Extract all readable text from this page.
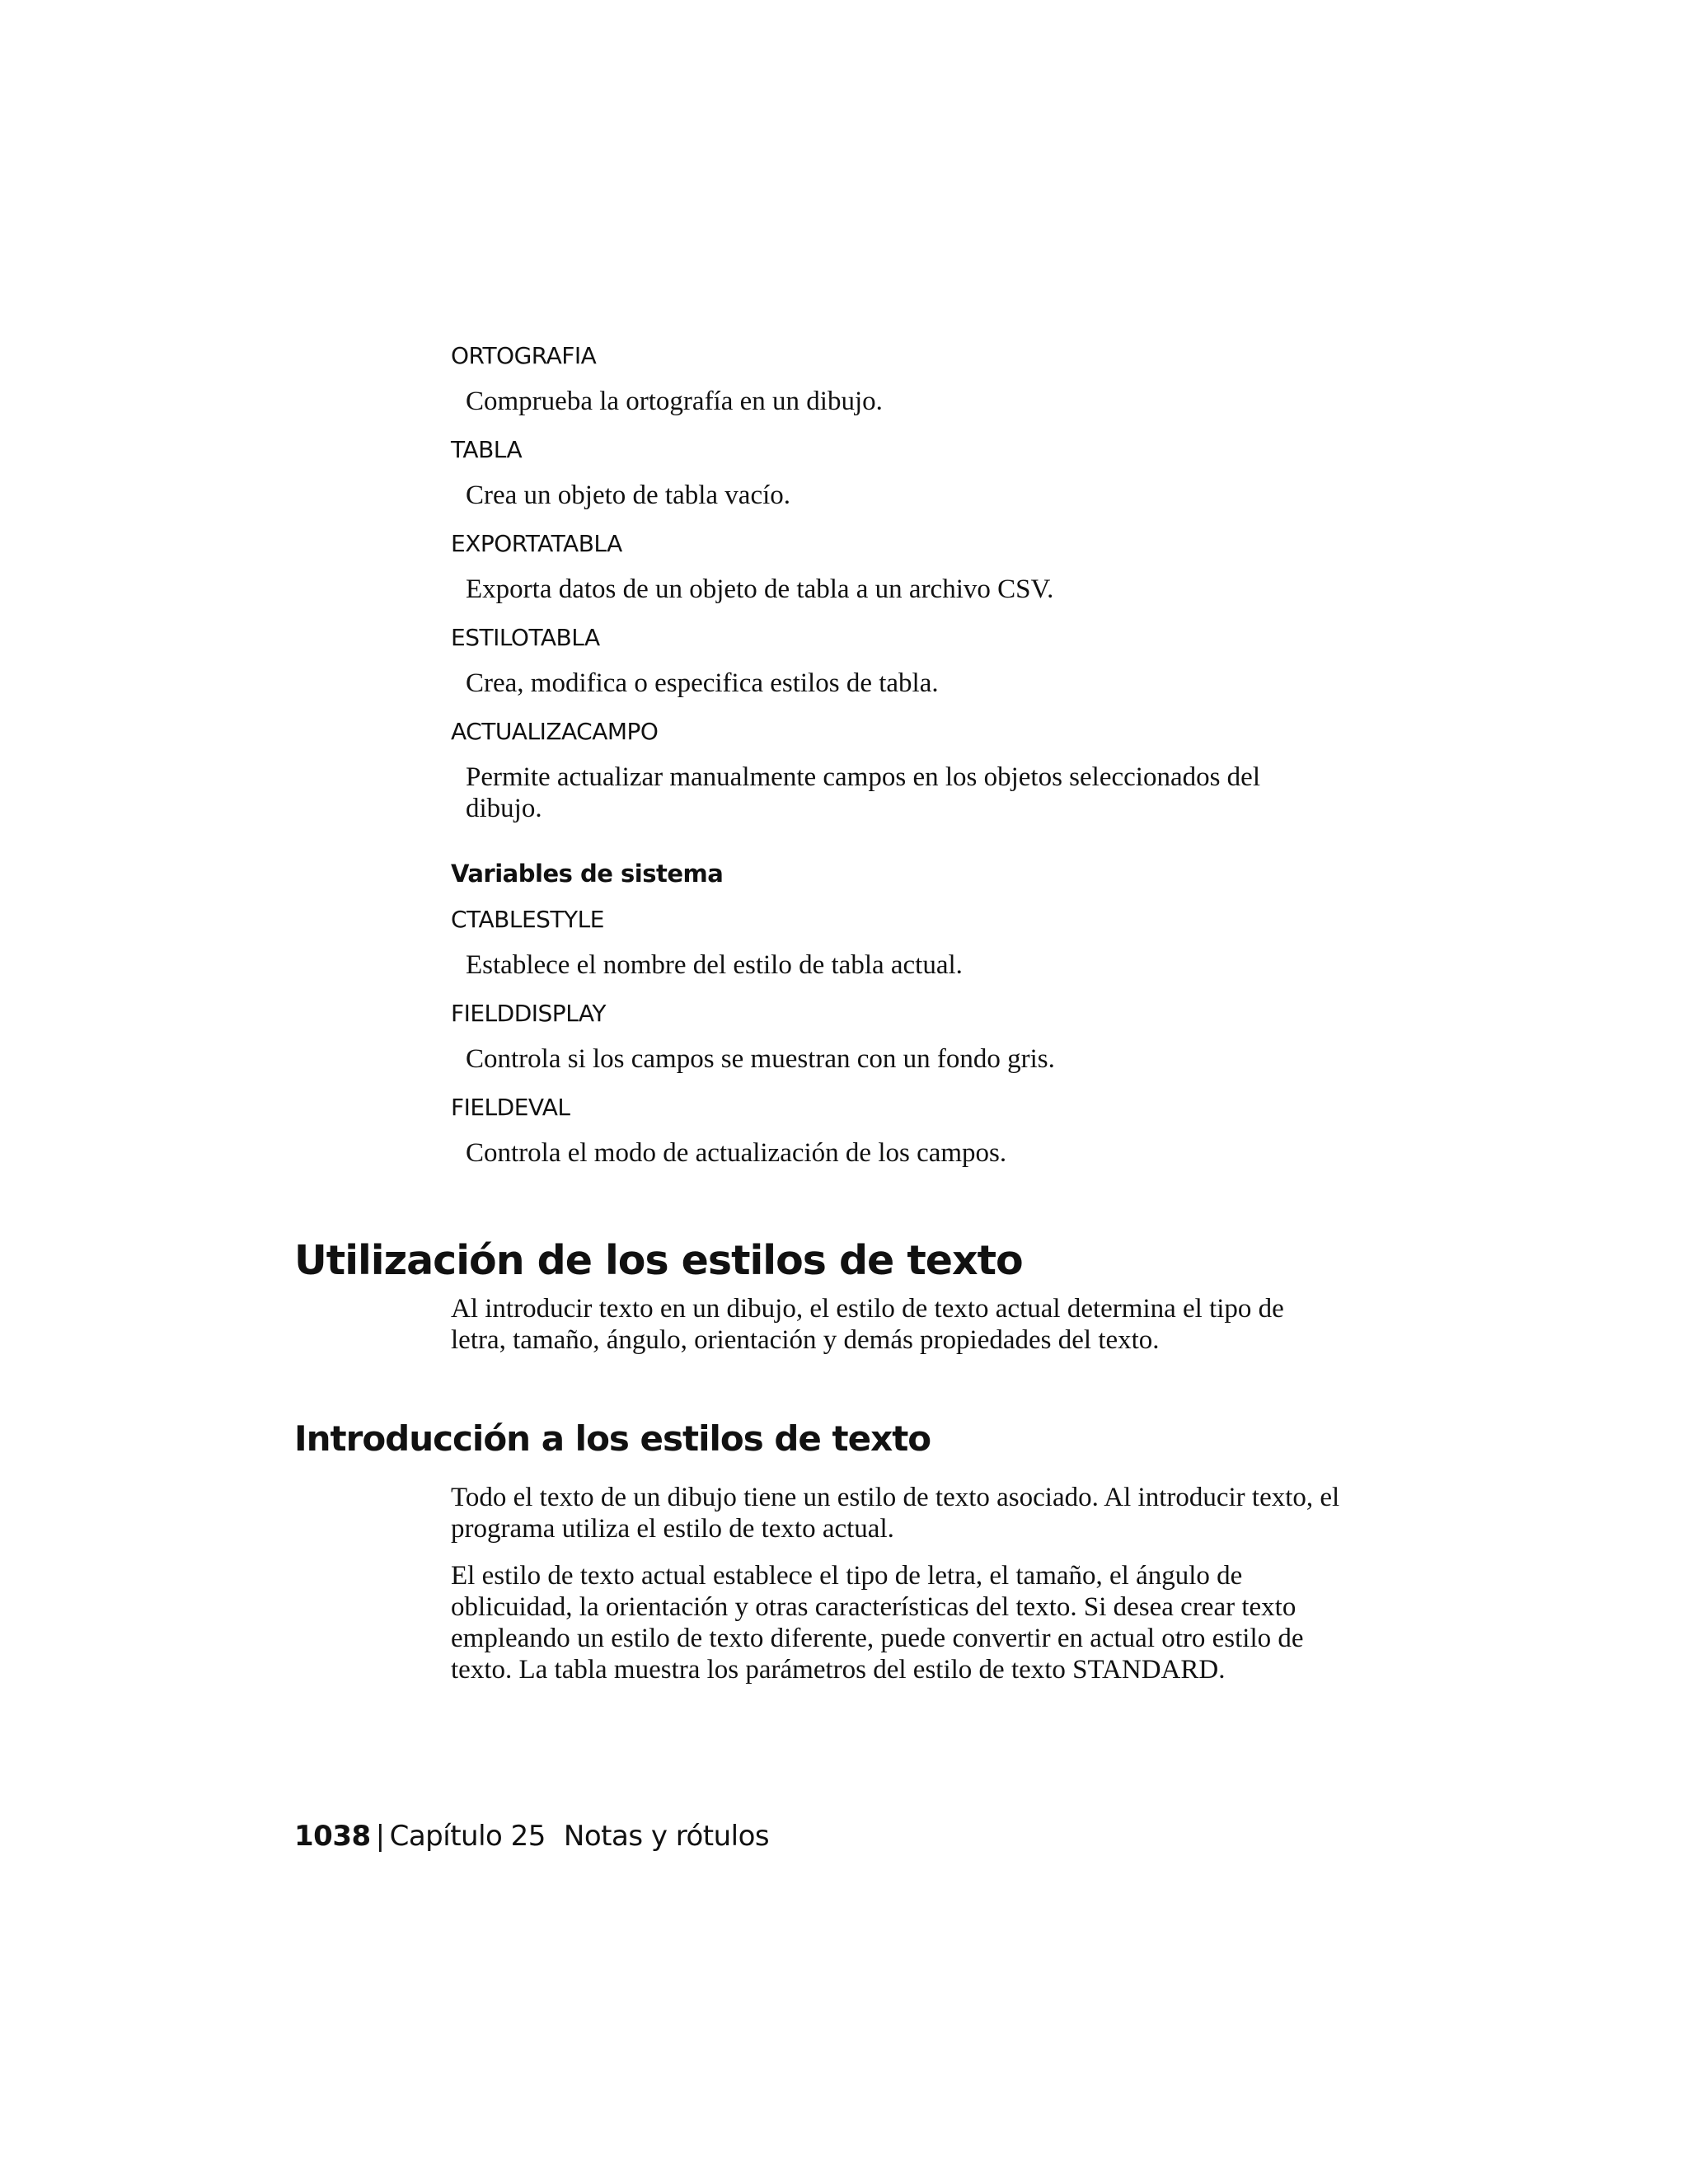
ORTOGRAFIA
Comprueba la ortografía en un dibujo.
TABLA
Crea un objeto de tabla vacío.
EXPORTATABLA
Exporta datos de un objeto de tabla a un archivo CSV.
ESTILOTABLA
Crea, modifica o especifica estilos de tabla.
ACTUALIZACAMPO
Permite actualizar manualmente campos en los objetos seleccionados del dibujo.
Variables de sistema
CTABLESTYLE
Establece el nombre del estilo de tabla actual.
FIELDDISPLAY
Controla si los campos se muestran con un fondo gris.
FIELDEVAL
Controla el modo de actualización de los campos.
Utilización de los estilos de texto

Al introducir texto en un dibujo, el estilo de texto actual determina el tipo de letra, tamaño, ángulo, orientación y demás propiedades del texto.

Introducción a los estilos de texto

Todo el texto de un dibujo tiene un estilo de texto asociado. Al introducir texto, el programa utiliza el estilo de texto actual.

El estilo de texto actual establece el tipo de letra, el tamaño, el ángulo de oblicuidad, la orientación y otras características del texto. Si desea crear texto empleando un estilo de texto diferente, puede convertir en actual otro estilo de texto. La tabla muestra los parámetros del estilo de texto STANDARD.

1038 | Capítulo 25 Notas y rótulos
